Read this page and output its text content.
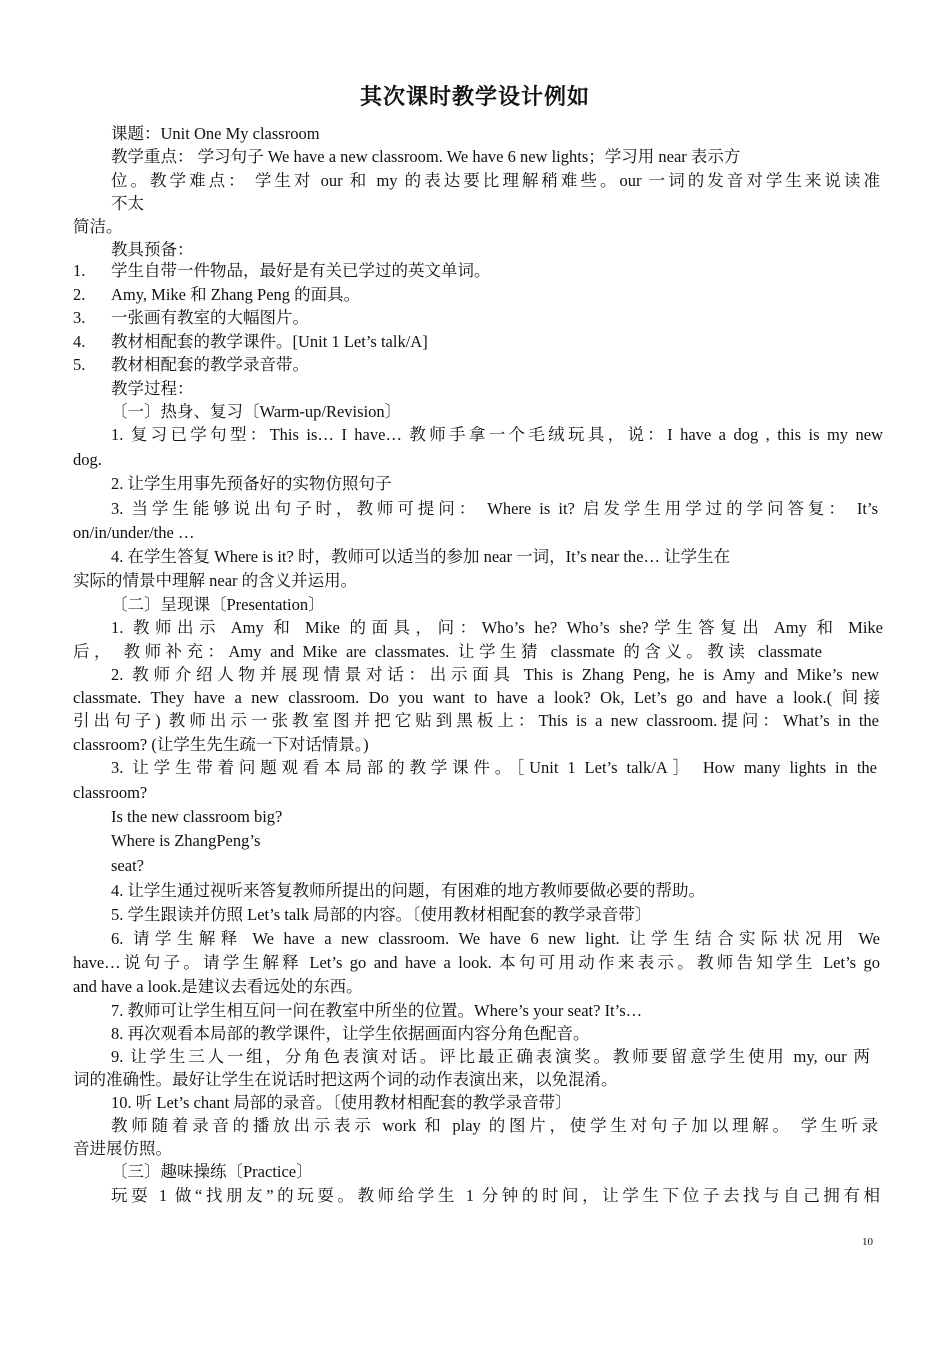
其次课时教学设计例如
课题：Unit One My classroom
教学重点： 学习句子 We have a new classroom. We have 6 new lights；学习用 near 表示方
位。教学难点： 学生对 our 和 my 的表达要比理解稍难些。our 一词的发音对学生来说读准
不太
简洁。
教具预备：
1. 学生自带一件物品，最好是有关已学过的英文单词。
2. Amy, Mike 和 Zhang Peng 的面具。
3. 一张画有教室的大幅图片。
4. 教材相配套的教学课件。[Unit 1 Let’s talk/A]
5. 教材相配套的教学录音带。
教学过程：
〔一〕热身、复习〔Warm-up/Revision〕
1. 复习已学句型：This is… I have… 教师手拿一个毛绒玩具，说：I have a dog , this is my new
dog.
2. 让学生用事先预备好的实物仿照句子
3. 当学生能够说出句子时，教师可提问： Where is it? 启发学生用学过的学问答复： It’s
on/in/under/the …
4. 在学生答复 Where is it? 时，教师可以适当的参加 near 一词，It’s near the… 让学生在
实际的情景中理解 near 的含义并运用。
〔二〕呈现课〔Presentation〕
1. 教师出示 Amy 和 Mike 的面具，问：Who’s he? Who’s she?学生答复出 Amy 和 Mike
后， 教师补充：Amy and Mike are classmates. 让学生猜 classmate 的含义。教读 classmate
2. 教师介绍人物并展现情景对话：出示面具 This is Zhang Peng, he is Amy and Mike’s new
classmate. They have a new classroom. Do you want to have a look? Ok, Let’s go and have a look.( 间接
引出句子) 教师出示一张教室图并把它贴到黑板上：This is a new classroom.提问：What’s in the
classroom? (让学生先生疏一下对话情景。)
3. 让学生带着问题观看本局部的教学课件。［Unit 1 Let’s talk/A］ How many lights in the
classroom?
Is the new classroom big?
Where is ZhangPeng’s
seat?
4. 让学生通过视听来答复教师所提出的问题，有困难的地方教师要做必要的帮助。
5. 学生跟读并仿照 Let’s talk 局部的内容。〔使用教材相配套的教学录音带〕
6. 请学生解释 We have a new classroom. We have 6 new light. 让学生结合实际状况用 We
have…说句子。请学生解释 Let’s go and have a look. 本句可用动作来表示。教师告知学生 Let’s go
and have a look.是建议去看远处的东西。
7. 教师可让学生相互问一问在教室中所坐的位置。Where’s your seat? It’s…
8. 再次观看本局部的教学课件，让学生依据画面内容分角色配音。
9. 让学生三人一组，分角色表演对话。评比最正确表演奖。教师要留意学生使用 my, our 两
词的准确性。最好让学生在说话时把这两个词的动作表演出来，以免混淆。
10. 听 Let’s chant 局部的录音。〔使用教材相配套的教学录音带〕
教师随着录音的播放出示表示 work 和 play 的图片，使学生对句子加以理解。 学生听录
音进展仿照。
〔三〕趣味操练〔Practice〕
玩耍 1 做“找朋友”的玩耍。教师给学生 1 分钟的时间，让学生下位子去找与自己拥有相
10
